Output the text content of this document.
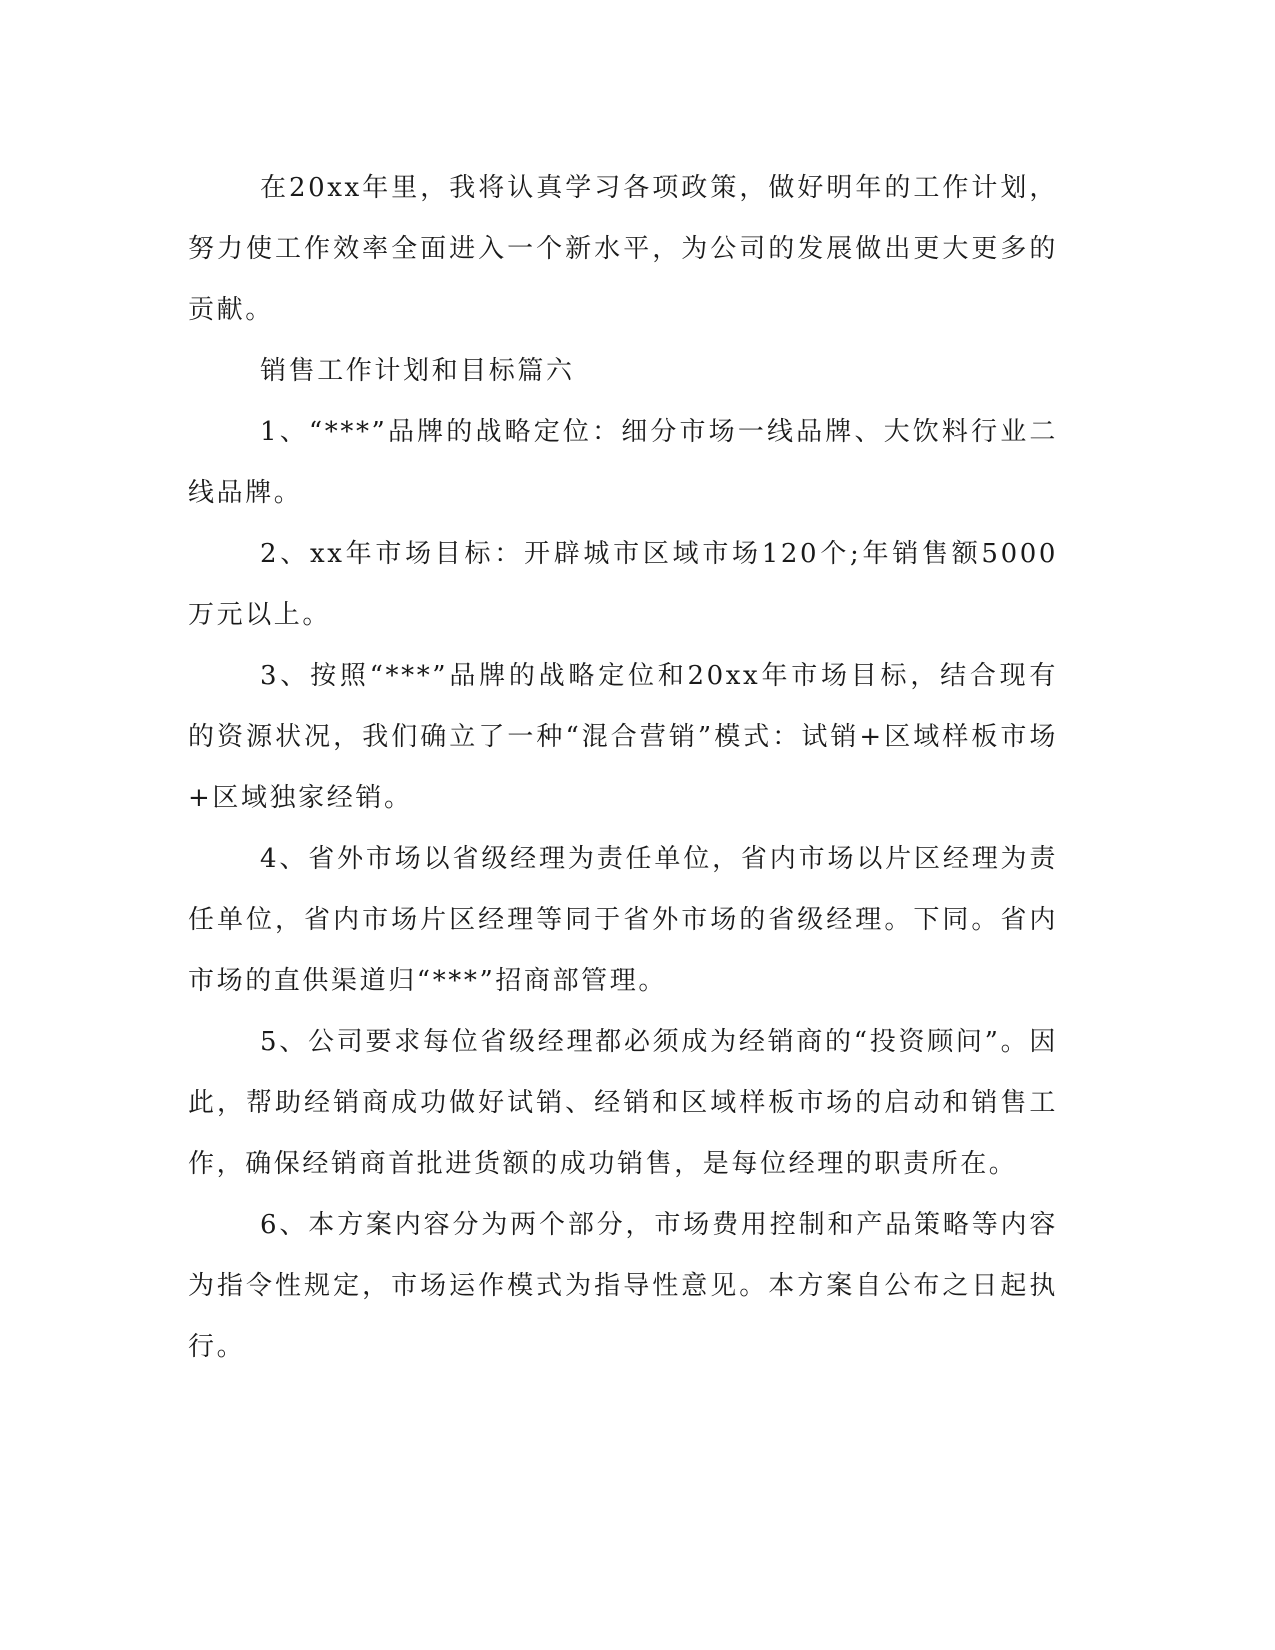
在20xx年里，我将认真学习各项政策，做好明年的工作计划，努力使工作效率全面进入一个新水平，为公司的发展做出更大更多的贡献。

销售工作计划和目标篇六

1、“***”品牌的战略定位：细分市场一线品牌、大饮料行业二线品牌。

2、xx年市场目标：开辟城市区域市场120个;年销售额5000万元以上。

3、按照“***”品牌的战略定位和20xx年市场目标，结合现有的资源状况，我们确立了一种“混合营销”模式：试销+区域样板市场+区域独家经销。

4、省外市场以省级经理为责任单位，省内市场以片区经理为责任单位，省内市场片区经理等同于省外市场的省级经理。下同。省内市场的直供渠道归“***”招商部管理。

5、公司要求每位省级经理都必须成为经销商的“投资顾问”。因此，帮助经销商成功做好试销、经销和区域样板市场的启动和销售工作，确保经销商首批进货额的成功销售，是每位经理的职责所在。

6、本方案内容分为两个部分，市场费用控制和产品策略等内容为指令性规定，市场运作模式为指导性意见。本方案自公布之日起执行。
